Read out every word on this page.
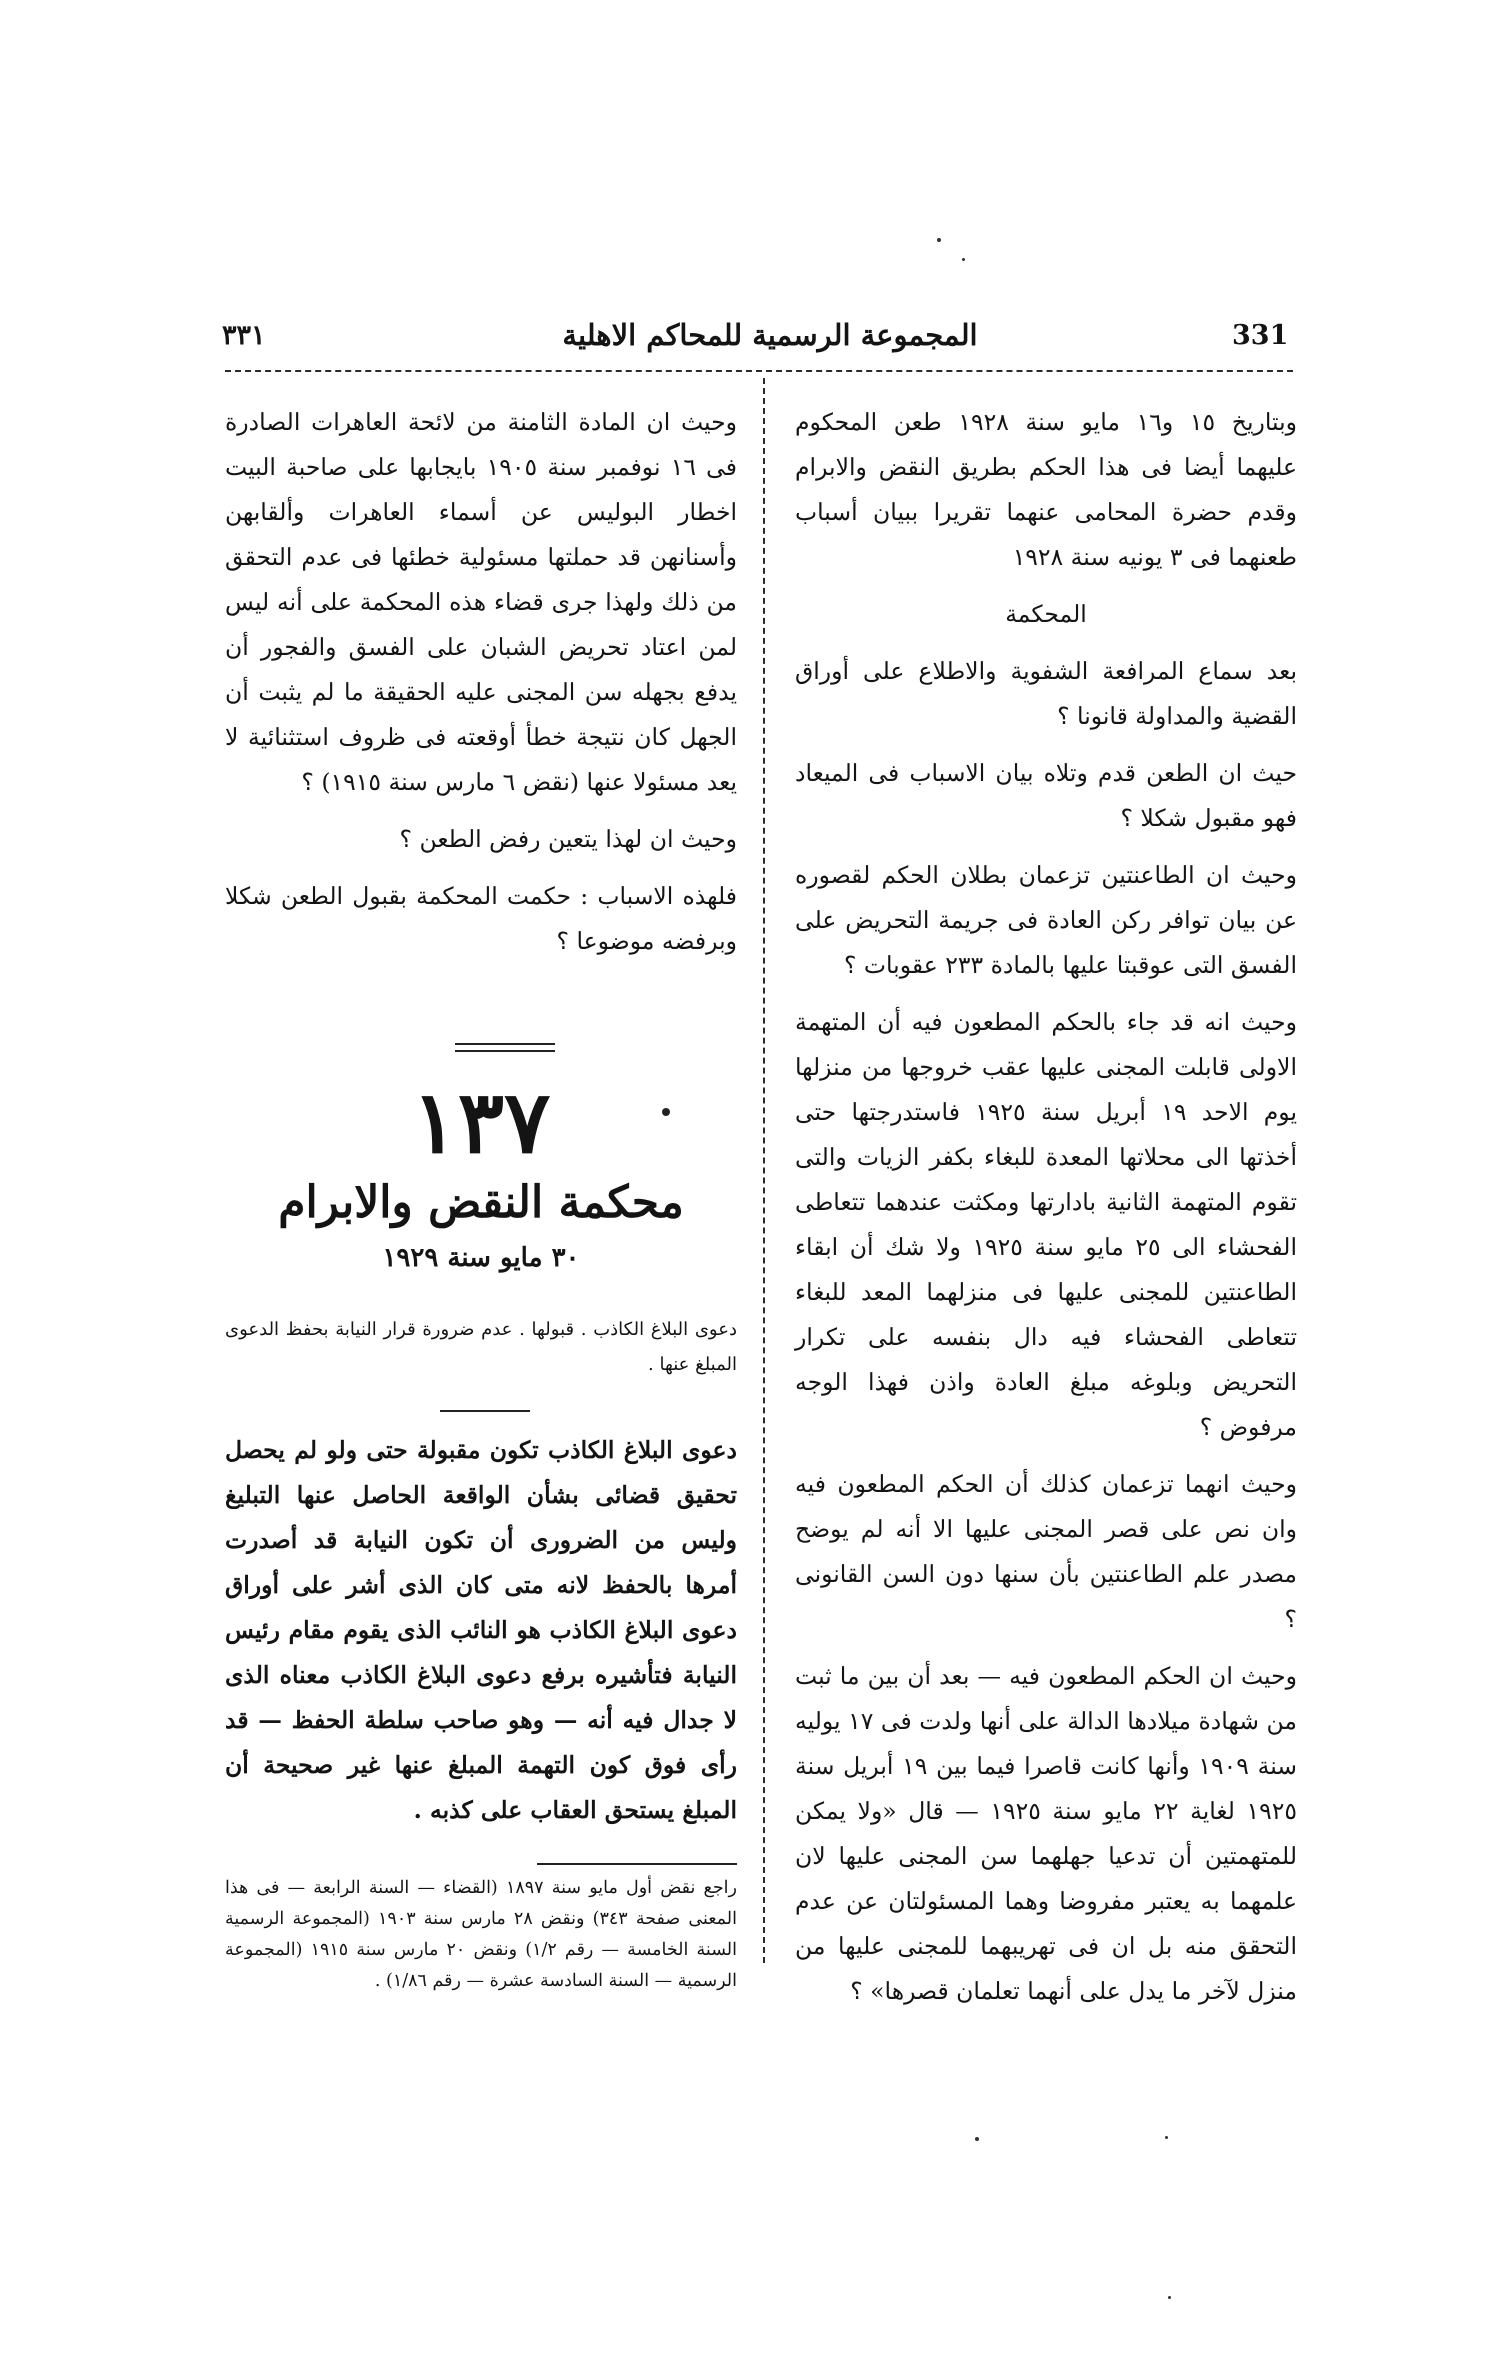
331
المجموعة الرسمية للمحاكم الاهلية
٣٣١

وبتاريخ ١٥ و١٦ مايو سنة ١٩٢٨ طعن المحكوم عليهما أيضا فى هذا الحكم بطريق النقض والابرام وقدم حضرة المحامى عنهما تقريرا ببيان أسباب طعنهما فى ٣ يونيه سنة ١٩٢٨

المحكمة

بعد سماع المرافعة الشفوية والاطلاع على أوراق القضية والمداولة قانونا ؟

حيث ان الطعن قدم وتلاه بيان الاسباب فى الميعاد فهو مقبول شكلا ؟

وحيث ان الطاعنتين تزعمان بطلان الحكم لقصوره عن بيان توافر ركن العادة فى جريمة التحريض على الفسق التى عوقبتا عليها بالمادة ٢٣٣ عقوبات ؟

وحيث انه قد جاء بالحكم المطعون فيه أن المتهمة الاولى قابلت المجنى عليها عقب خروجها من منزلها يوم الاحد ١٩ أبريل سنة ١٩٢٥ فاستدرجتها حتى أخذتها الى محلاتها المعدة للبغاء بكفر الزيات والتى تقوم المتهمة الثانية بادارتها ومكثت عندهما تتعاطى الفحشاء الى ٢٥ مايو سنة ١٩٢٥ ولا شك أن ابقاء الطاعنتين للمجنى عليها فى منزلهما المعد للبغاء تتعاطى الفحشاء فيه دال بنفسه على تكرار التحريض وبلوغه مبلغ العادة واذن فهذا الوجه مرفوض ؟

وحيث انهما تزعمان كذلك أن الحكم المطعون فيه وان نص على قصر المجنى عليها الا أنه لم يوضح مصدر علم الطاعنتين بأن سنها دون السن القانونى ؟

وحيث ان الحكم المطعون فيه — بعد أن بين ما ثبت من شهادة ميلادها الدالة على أنها ولدت فى ١٧ يوليه سنة ١٩٠٩ وأنها كانت قاصرا فيما بين ١٩ أبريل سنة ١٩٢٥ لغاية ٢٢ مايو سنة ١٩٢٥ — قال «ولا يمكن للمتهمتين أن تدعيا جهلهما سن المجنى عليها لان علمهما به يعتبر مفروضا وهما المسئولتان عن عدم التحقق منه بل ان فى تهريبهما للمجنى عليها من منزل لآخر ما يدل على أنهما تعلمان قصرها» ؟

وحيث ان المادة الثامنة من لائحة العاهرات الصادرة فى ١٦ نوفمبر سنة ١٩٠٥ بايجابها على صاحبة البيت اخطار البوليس عن أسماء العاهرات وألقابهن وأسنانهن قد حملتها مسئولية خطئها فى عدم التحقق من ذلك ولهذا جرى قضاء هذه المحكمة على أنه ليس لمن اعتاد تحريض الشبان على الفسق والفجور أن يدفع بجهله سن المجنى عليه الحقيقة ما لم يثبت أن الجهل كان نتيجة خطأ أوقعته فى ظروف استثنائية لا يعد مسئولا عنها (نقض ٦ مارس سنة ١٩١٥) ؟

وحيث ان لهذا يتعين رفض الطعن ؟

فلهذه الاسباب : حكمت المحكمة بقبول الطعن شكلا وبرفضه موضوعا ؟

١٣٧
محكمة النقض والابرام
٣٠ مايو سنة ١٩٢٩

دعوى البلاغ الكاذب . قبولها . عدم ضرورة قرار النيابة بحفظ الدعوى المبلغ عنها .

دعوى البلاغ الكاذب تكون مقبولة حتى ولو لم يحصل تحقيق قضائى بشأن الواقعة الحاصل عنها التبليغ وليس من الضرورى أن تكون النيابة قد أصدرت أمرها بالحفظ لانه متى كان الذى أشر على أوراق دعوى البلاغ الكاذب هو النائب الذى يقوم مقام رئيس النيابة فتأشيره برفع دعوى البلاغ الكاذب معناه الذى لا جدال فيه أنه — وهو صاحب سلطة الحفظ — قد رأى فوق كون التهمة المبلغ عنها غير صحيحة أن المبلغ يستحق العقاب على كذبه .

راجع نقض أول مايو سنة ١٨٩٧ (القضاء — السنة الرابعة — فى هذا المعنى صفحة ٣٤٣) ونقض ٢٨ مارس سنة ١٩٠٣ (المجموعة الرسمية السنة الخامسة — رقم ١/٢) ونقض ٢٠ مارس سنة ١٩١٥ (المجموعة الرسمية — السنة السادسة عشرة — رقم ١/٨٦) .
